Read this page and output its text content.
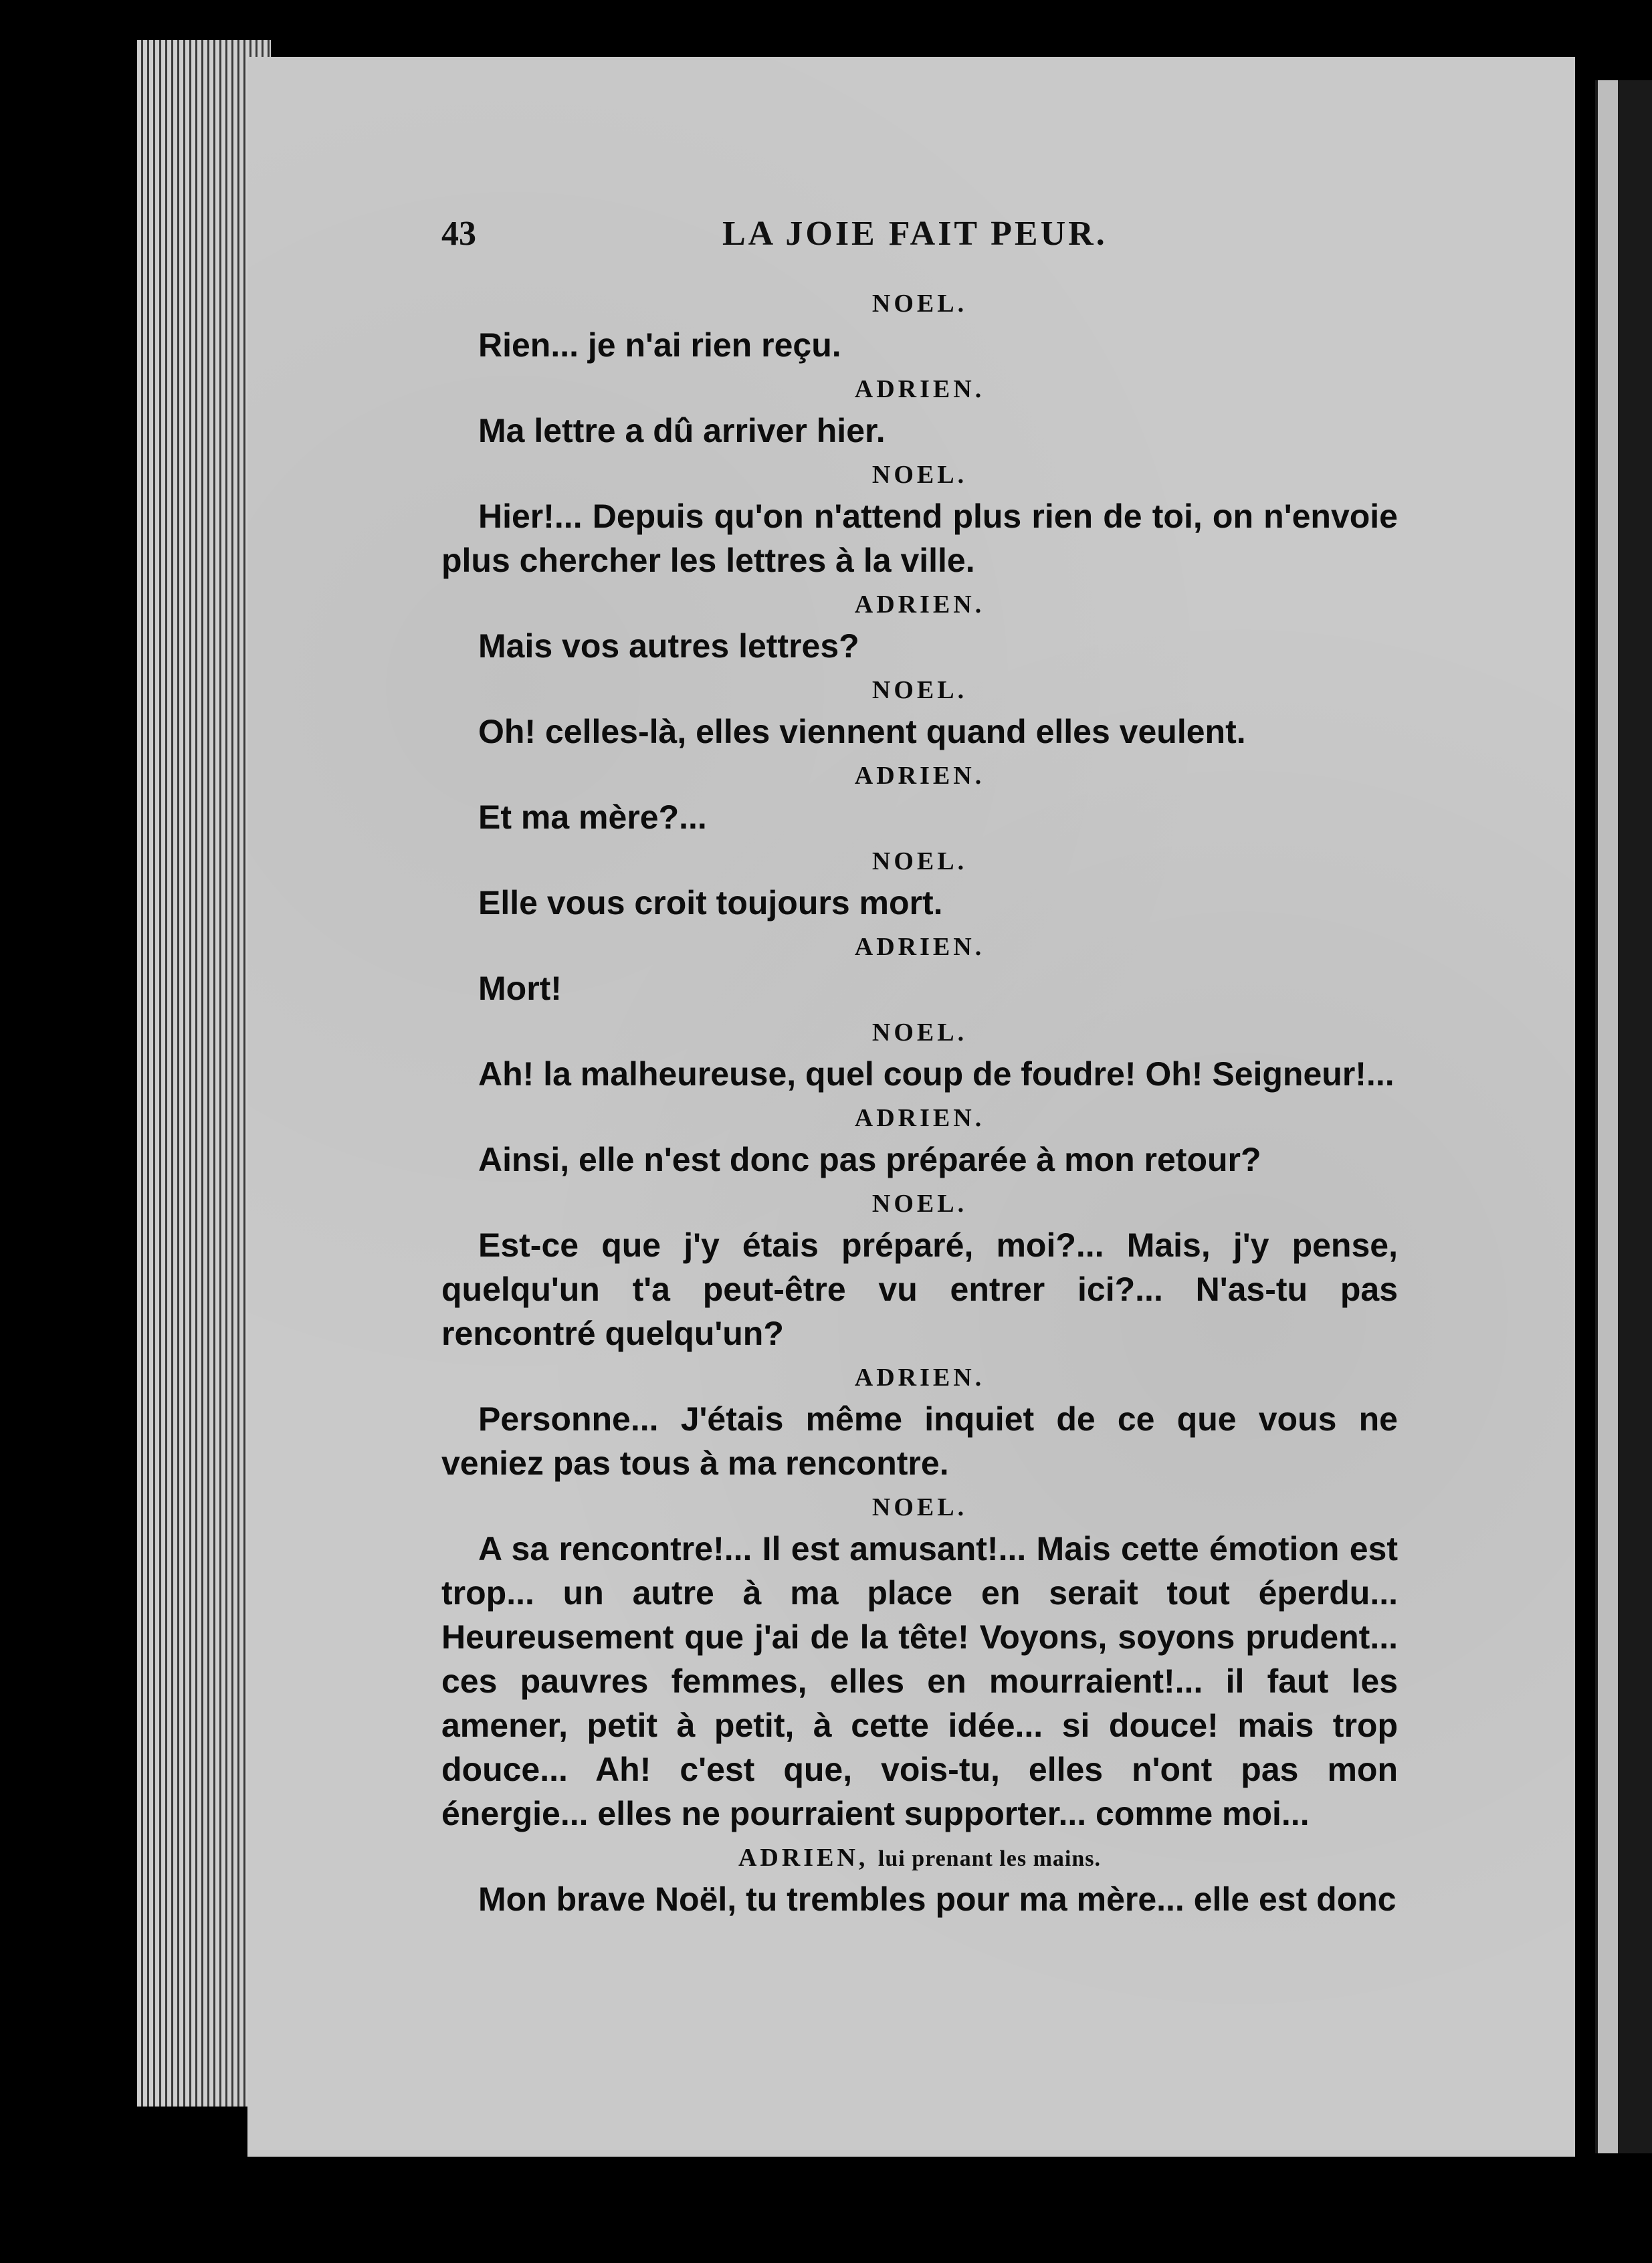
43	LA JOIE FAIT PEUR.

NOEL.

Rien... je n'ai rien reçu.

ADRIEN.

Ma lettre a dû arriver hier.

NOEL.

Hier!... Depuis qu'on n'attend plus rien de toi, on n'envoie plus chercher les lettres à la ville.

ADRIEN.

Mais vos autres lettres?

NOEL.

Oh! celles-là, elles viennent quand elles veulent.

ADRIEN.

Et ma mère?...

NOEL.

Elle vous croit toujours mort.

ADRIEN.

Mort!

NOEL.

Ah! la malheureuse, quel coup de foudre! Oh! Seigneur!...

ADRIEN.

Ainsi, elle n'est donc pas préparée à mon retour?

NOEL.

Est-ce que j'y étais préparé, moi?... Mais, j'y pense, quelqu'un t'a peut-être vu entrer ici?... N'as-tu pas rencontré quelqu'un?

ADRIEN.

Personne... J'étais même inquiet de ce que vous ne veniez pas tous à ma rencontre.

NOEL.

A sa rencontre!... Il est amusant!... Mais cette émotion est trop... un autre à ma place en serait tout éperdu... Heureusement que j'ai de la tête! Voyons, soyons prudent... ces pauvres femmes, elles en mourraient!... il faut les amener, petit à petit, à cette idée... si douce! mais trop douce... Ah! c'est que, vois-tu, elles n'ont pas mon énergie... elles ne pourraient supporter... comme moi...

ADRIEN, lui prenant les mains.

Mon brave Noël, tu trembles pour ma mère... elle est donc
